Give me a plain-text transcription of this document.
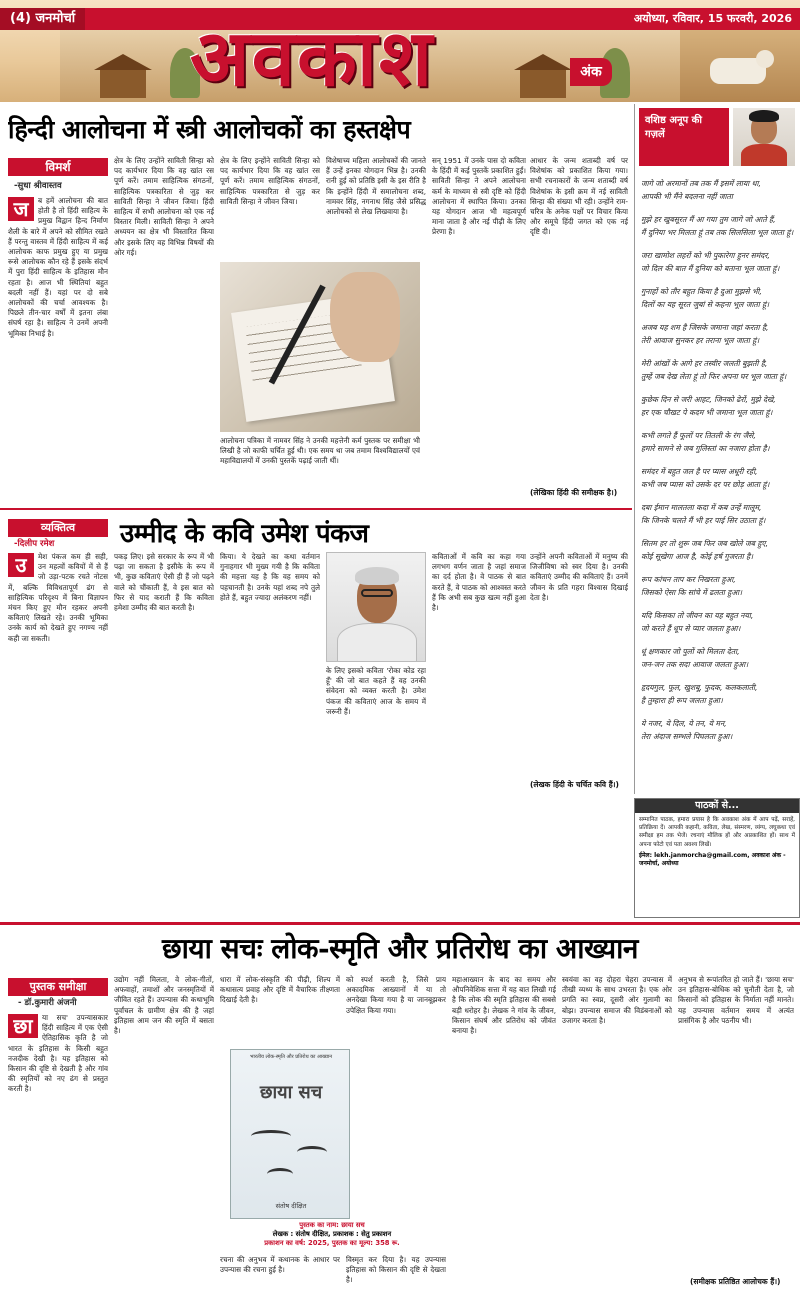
(4) जनमोर्चा	अयोध्या, रविवार, 15 फरवरी, 2026
अवकाश	अंक
हिन्दी आलोचना में स्त्री आलोचकों का हस्तक्षेप
विमर्श
-सुधा श्रीवास्तव
ज	ब हमें आलोचना की बात होती है तो हिंदी साहित्य के प्रमुख विद्वान हिन्द निर्माण शैली के बारे में अपने को सीमित रखते हैं परन्तु वास्तव में हिंदी साहित्य में कई आलोचक काफ प्रमुख हुए या प्रमुख रूसे आलोचक कौन रहे हैं इसके संदर्भ में पुरा हिंदी साहित्य के इतिहास मौन रहता है। आज भी स्थितियां बहुत बदली नहीं हैं। यहां पर दो सबे आलोचकों की चर्चा आवश्यक है। पिछले तीन-चार वर्षों में इतना लंबा संघर्ष रहा है। साहित्य ने उनमें अपनी भूमिका निभाई है।
क्षेत्र के लिए उन्होंने साविती सिन्हा को पद कार्यभार दिया कि वह खांत रस पूर्ण करें। तमाम साहित्यिक संगठनों, साहित्यिक पत्रकारिता से जुड़ कर साविती सिन्हा ने जीवन जिया। हिंदी साहित्य में सभी आलोचना को एक नई विस्तार मिली। साविती सिन्हा ने अपने अध्ययन का क्षेत्र भी विस्तारित किया और इसके लिए वह विभिन्न विषयों की ओर गई।
क्षेत्र के लिए इन्होंने साविती सिन्हा को पद कार्यभार दिया कि वह खांत रस पूर्ण करें। तमाम साहित्यिक संगठनों, साहित्यिक पत्रकारिता से जुड़ कर साविती सिन्हा ने जीवन जिया।
आलोचना पत्रिका में नामवर सिंह ने उनकी महत्तेनी कर्म पुस्तक पर समीक्षा भी लिखी है जो काफी चर्चित हुई थी। एक समय था जब तमाम विश्वविद्यालयों एवं महाविद्यालयों में उनकी पुस्तकें पढ़ाई जाती थीं।
विशेषाच्य महिला आलोचकों की जानते हैं उन्हें इनका योगदान भिन्न है। उनकी रानी हुई को प्रतिष्ठि इसी के इस रीति है कि इन्होंने हिंदी में समालोचना शब्द, नामवर सिंह, नगनाथ सिंह जैसे प्रसिद्ध आलोचकों से लेख लिखवाया है।
सन् 1951 में उनके पास दो कविता के हिंदी में कई पुस्तकें प्रकाशित हुईं। साविती सिन्हा ने अपने आलोचना कर्म के माध्यम से स्त्री दृष्टि को हिंदी आलोचना में स्थापित किया। उनका यह योगदान आज भी महत्वपूर्ण माना जाता है और नई पीढ़ी के लिए प्रेरणा है।
आधार के जन्म शताब्दी वर्ष पर विशेषांक को प्रकाशित किया गया। सभी रचनाकारों के जन्म शताब्दी वर्ष विशेषांक के इसी क्रम में नई साविती सिन्हा की संख्या भी रही। उन्होंने राम-चरित्र के अनेक पक्षों पर विचार किया और समूचे हिंदी जगत को एक नई दृष्टि दी।
(लेखिका हिंदी की समीक्षक है।)
वशिष्ठ अनूप की गज़लें
जागे जो अरमानों तब तक मैं इसमें लाया था,
आपकी भी मैंने बदलना नहीं जाता
मुझे हर खुबसूरत मैं आ गया तुम जागे जो आते हैं,
मैं दुनिया भर मिलता हूं तब तक सिलसिला भूल जाता हूं।
जरा खामोश लहरों को भी पुकारेगा हुनर समंदर,
जो दिल की बात मैं दुनिया को बताना भूल जाता हूं।
गुनाहों को तौर बहुत किया है दुआ मुझसे भी,
दिलों का यह सूरत जुबां से कहना भूल जाता हूं।
अजब यह शम है जिसके जमाना जहां करता है,
तेरी आवाज सुनकर हर तराना भूल जाता हूं।
मेरी आंखों के आगे हर तस्वीर जलती बुझती है,
तुम्हें जब देख लेता हूं तो फिर अपना घर भूल जाता हूं।
कुछेक दिन से जरी आहट, जिनको ढेरों, मुझे देखे,
हर एक चौखट पे कदम भी जमाना भूल जाता हूं।
कभी लगते हैं फूलों पर तितली के रंग जैसे,
हमारे सामने से जब गुलिस्तां का नजारा होता है।
समंदर में बहुत जल है पर प्यास अधूरी रही,
कभी जब प्यास को उसके दर पर छोड़ आता हूं।
दबा ईमान मालतला कदा में कब उन्हें मालूम,
कि जिनके चलते मैं भी हर पाई सिर उठाता हूं।
सितम हर तो शुरू जब फिर जब खोले जब हुए,
कोई सूखेगा आज है, कोई हर्ष गुजरता है।
रूप कांचन ताप कर निखरता हुआ,
जिसको ऐसा कि सांचे में ढलता हुआ।
यदि किसका तो जीवन का यह बहुत नया,
जो करते हैं धूप से प्यार जलता हुआ।
धूं क्षणकार जो पुलों को मिलता देता,
जन-जन तक सदा आवाज जलता हुआ।
हृदयगुल, फूल, खुशबू, फुदक, कलकलाती,
है तुम्हारा ही रूप जलता हुआ।
ये नजर, ये दिल, ये तन, ये मन,
तेरा अंदाज सम्भले पिघलता हुआ।
पाठकों से...
सम्मानित पाठक, हमारा प्रयास है कि अवकाश अंक में आप पढ़ें, सराहें, प्रतिक्रिया दें। आपकी कहानी, कविता, लेख, संस्मरण, व्यंग्य, लघुकथा एवं समीक्षा हम तक भेजें। रचनाएं मौलिक हों और अप्रकाशित हों। साथ में अपना फोटो एवं पता अवश्य लिखें।
ईमेल: lekh.janmorcha@gmail.com, अवकाश अंक - जनमोर्चा, अयोध्या
व्यक्तित्व
-दिलीप रमेश	उम्मीद के कवि उमेश पंकज
उ	मेश पंकज कम ही सही, उन महत्वों कवियों में से हैं जो उड़ा-पटक रचते नोटस में, बल्कि विविधतापूर्ण ढंग से साहित्यिक परिदृश्य में बिना विज्ञापन मंचन किए हुए मौन रहकर अपनी कविताएं लिखते रहे। उनकी भूमिका उनके कार्य को देखते हुए नगण्य नहीं कही जा सकती।
पकड़ लिए। इसे सरकार के रूप में भी पढ़ा जा सकता है इसीके के रूप में भी, कुछ कविताएं ऐसी ही हैं जो पढ़ने वाले को चौंकाती हैं, वे इस बात को फिर से याद कराती हैं कि कविता हमेशा उम्मीद की बात करती है।
किया। ये देखते का कथा वर्तमान गुनाहगार भी मुख्य गयी है कि कविता की महत्ता यह है कि वह समय को पहचानती है। उनके यहां शब्द नपे तुले होते हैं, बहुत ज्यादा अलंकरण नहीं।
के लिए इसको कविता 'रोका कोड रहा हूँ' की जो बात कहते हैं वह उनकी संवेदना को व्यक्त करती है। उमेश पंकज की कविताएं आज के समय में जरूरी हैं।
कविताओं में कवि का कहा गया लगभग वर्णन जाता है जहां समाज का दर्द होता है। वे पाठक से बात करते हैं, वे पाठक को आश्वस्त करते हैं कि अभी सब कुछ खत्म नहीं हुआ है।
उन्होंने अपनी कविताओं में मनुष्य की जिजीविषा को स्वर दिया है। उनकी कविताएं उम्मीद की कविताएं हैं। उनमें जीवन के प्रति गहरा विश्वास दिखाई देता है।
(लेखक हिंदी के चर्चित कवि हैं।)
छाया सचः लोक-स्मृति और प्रतिरोध का आख्यान
पुस्तक समीक्षा
- डॉ.कुमारी अंजनी
छा	या सच' उपन्यासकार हिंदी साहित्य में एक ऐसी ऐतिहासिक कृति है जो भारत के इतिहास के किसी बहुत नजदीक देखी है। यह इतिहास को किसान की दृष्टि से देखती है और गांव की स्मृतियों को नए ढंग से प्रस्तुत करती है।
उद्योग नहीं मिलता, वे लोक-गीतों, अफवाहों, तमाशों और जनस्मृतियों में जीवित रहते हैं। उपन्यास की कथाभूमि पूर्वांचल के ग्रामीण क्षेत्र की है जहां इतिहास आम जन की स्मृति में बसता है।
धारा में लोक-संस्कृति की पीढ़ी, शिल्प में कथासत्य प्रवाह और दृष्टि में वैचारिक तीक्ष्णता दिखाई देती है।
भारतीय लोक-स्मृति और प्रतिरोध का आख्यान
छाया सच
संतोष दीक्षित
पुस्तक का नाम: छाया सच
लेखक : संतोष दीक्षित, प्रकाशक : सेतु प्रकाशन
प्रकाशन का वर्ष: 2025, पुस्तक का मूल्य: 358 रू.
रचना की अनुभव में कथानक के आधार पर उपन्यास की रचना हुई है।
को स्पर्श करती है, जिसे प्राय अकादमिक आख्यानों में या तो अनदेखा किया गया है या जानबूझकर उपेक्षित किया गया।
विस्मृत कर दिया है। यह उपन्यास इतिहास को किसान की दृष्टि से देखता है।
महाआख्यान के बाद का समय और औपनिवेशिक सत्ता में यह बात लिखी गई है कि लोक की स्मृति इतिहास की सबसे बड़ी धरोहर है। लेखक ने गांव के जीवन, किसान संघर्ष और प्रतिरोध को जीवंत बनाया है।
स्वयंवा का वह दोहरा चेहरा उपन्यास में तीखी व्यथ्य के साथ उभरता है। एक ओर प्रगति का स्वप्न, दूसरी ओर गुलामी का बोझ। उपन्यास समाज की विडंबनाओं को उजागर करता है।
अनुभव से रूपांतरित हो जाते हैं। 'छाया सच' उन इतिहास-बोधिक को चुनौती देता है, जो किसानों को इतिहास के निर्माता नहीं मानते। यह उपन्यास वर्तमान समय में अत्यंत प्रासंगिक है और पठनीय भी।
(समीक्षक प्रतिष्ठित आलोचक हैं।)
